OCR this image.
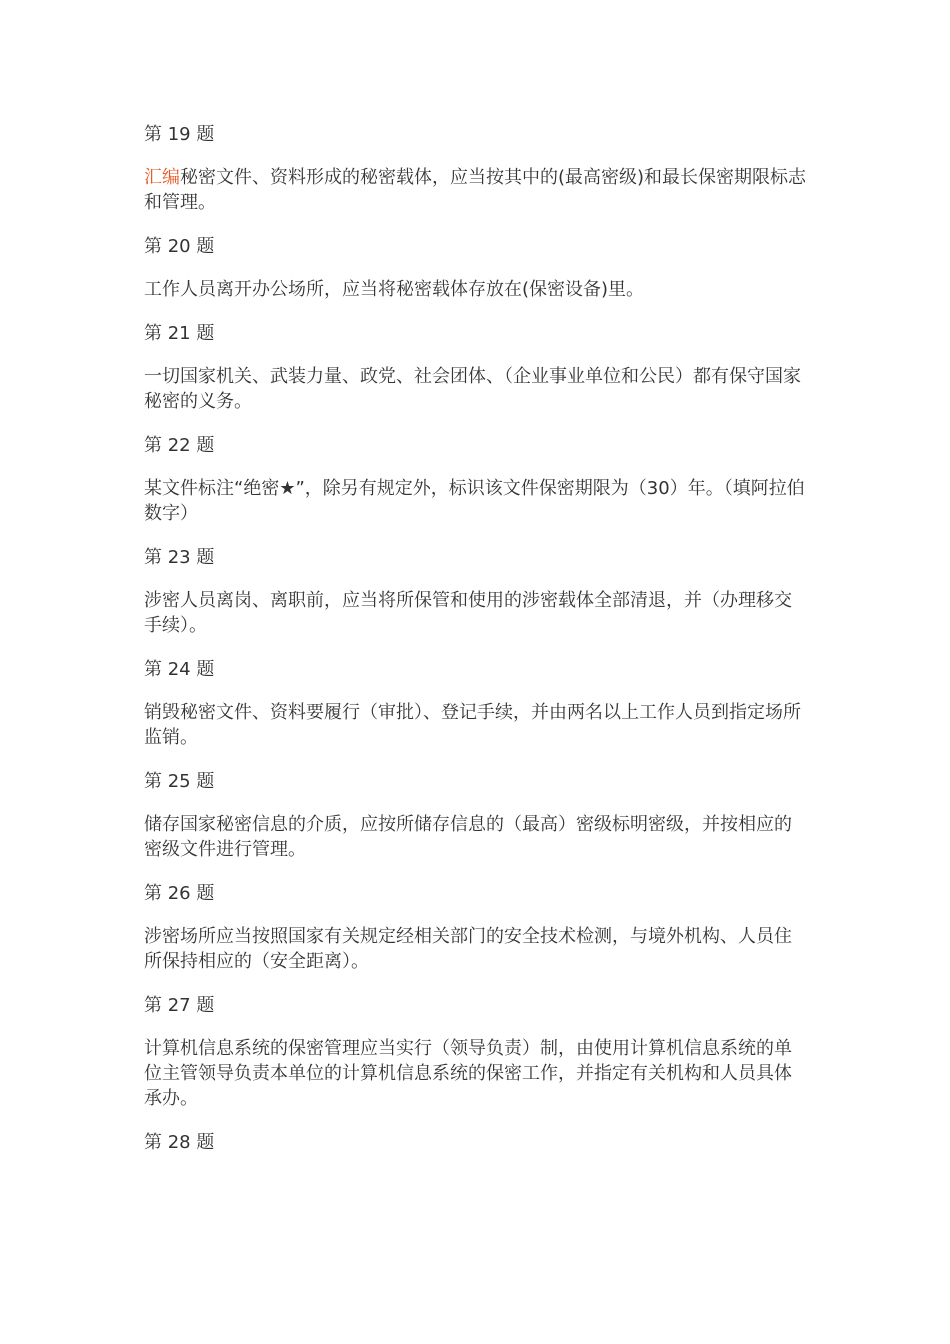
第 19 题

汇编秘密文件、资料形成的秘密载体，应当按其中的(最高密级)和最长保密期限标志和管理。

第 20 题

工作人员离开办公场所，应当将秘密载体存放在(保密设备)里。

第 21 题

一切国家机关、武装力量、政党、社会团体、（企业事业单位和公民）都有保守国家秘密的义务。

第 22 题

某文件标注“绝密★”，除另有规定外，标识该文件保密期限为（30）年。（填阿拉伯数字）

第 23 题

涉密人员离岗、离职前，应当将所保管和使用的涉密载体全部清退，并（办理移交手续）。

第 24 题

销毁秘密文件、资料要履行（审批）、登记手续，并由两名以上工作人员到指定场所监销。

第 25 题

储存国家秘密信息的介质，应按所储存信息的（最高）密级标明密级，并按相应的密级文件进行管理。

第 26 题

涉密场所应当按照国家有关规定经相关部门的安全技术检测，与境外机构、人员住所保持相应的（安全距离）。

第 27 题

计算机信息系统的保密管理应当实行（领导负责）制，由使用计算机信息系统的单位主管领导负责本单位的计算机信息系统的保密工作，并指定有关机构和人员具体承办。

第 28 题
